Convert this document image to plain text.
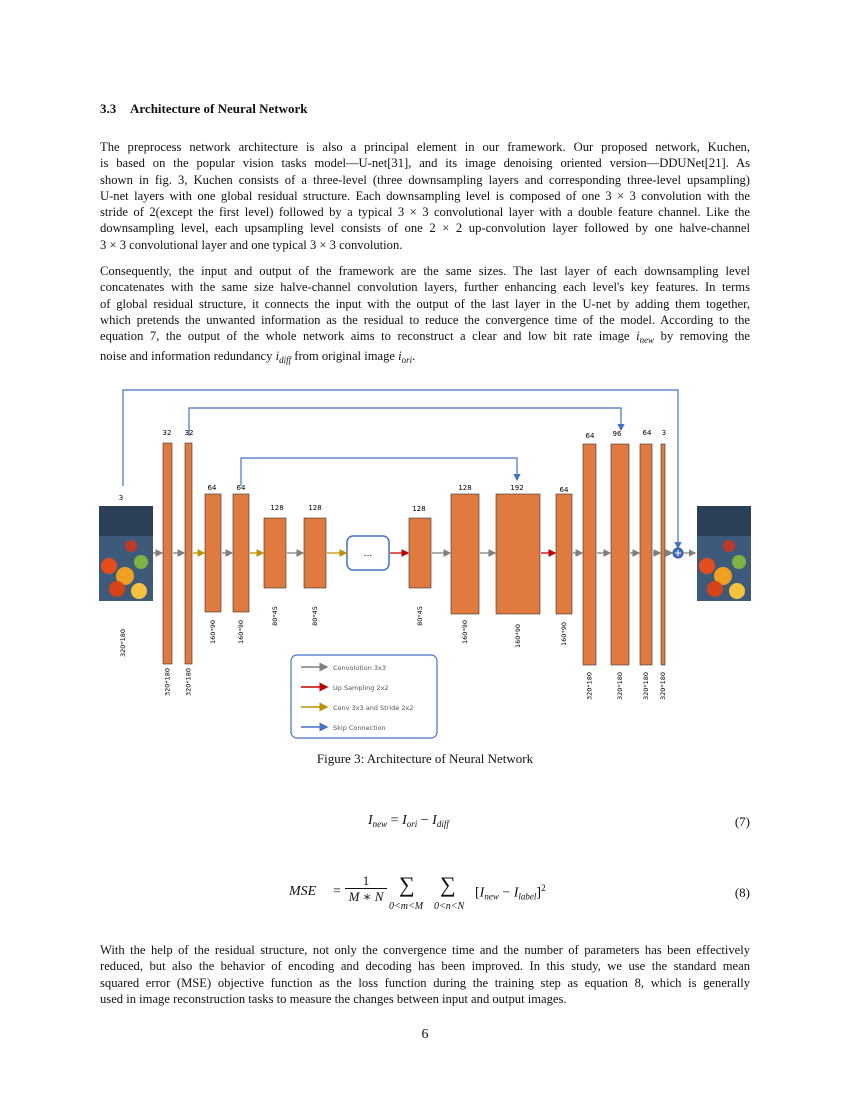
3.3 Architecture of Neural Network

The preprocess network architecture is also a principal element in our framework. Our proposed network, Kuchen,
is based on the popular vision tasks model—U-net[31], and its image denoising oriented version—DDUNet[21]. As
shown in fig. 3, Kuchen consists of a three-level (three downsampling layers and corresponding three-level upsampling)
U-net layers with one global residual structure. Each downsampling level is composed of one 3 × 3 convolution with the
stride of 2(except the first level) followed by a typical 3 × 3 convolutional layer with a double feature channel. Like the
downsampling level, each upsampling level consists of one 2 × 2 up-convolution layer followed by one halve-channel
3 × 3 convolutional layer and one typical 3 × 3 convolution.

Consequently, the input and output of the framework are the same sizes. The last layer of each downsampling level
concatenates with the same size halve-channel convolution layers, further enhancing each level's key features. In terms
of global residual structure, it connects the input with the output of the last layer in the U-net by adding them together,
which pretends the unwanted information as the residual to reduce the convergence time of the model. According to the
equation 7, the output of the whole network aims to reconstruct a clear and low bit rate image $i_{new}$ by removing the
noise and information redundancy $i_{diff}$ from original image $i_{ori}$.

3
320*180
32 32
64	64
128	128	128
128	192	64
64	96	64 3
320*180 320*180
160*90	160*90
80*45	80*45	80*45
160*90	160*90	160*90
320*180	320*180	320*180 320*180
...
Convolution 3x3
Up Sampling 2x2
Conv 3x3 and Stride 2x2
Skip Connection
Figure 3: Architecture of Neural Network
$I_{new} = I_{ori} - I_{diff}$	(7)
MSE = $\frac{1}{M ∗ N}$ ∑
0<m<M
∑
0<n<N
$[I_{new} - I_{label}]^2$	(8)

With the help of the residual structure, not only the convergence time and the number of parameters has been effectively
reduced, but also the behavior of encoding and decoding has been improved. In this study, we use the standard mean
squared error (MSE) objective function as the loss function during the training step as equation 8, which is generally
used in image reconstruction tasks to measure the changes between input and output images.

6
